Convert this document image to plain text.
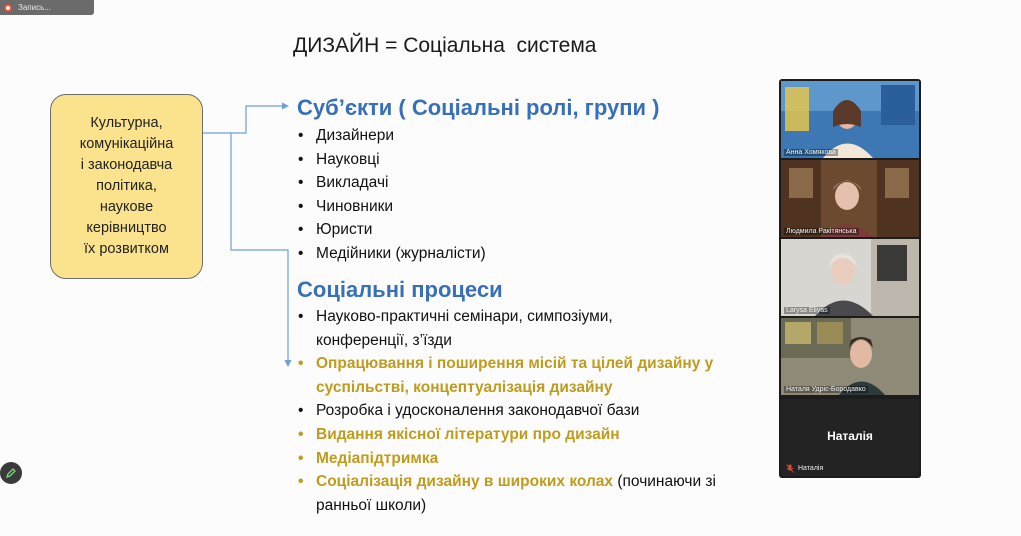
Запись...
ДИЗАЙН = Соціальна  система
Культурна,
комунікаційна
і законодавча
політика,
наукове
керівництво
їх розвитком
Суб’єкти ( Соціальні ролі, групи )
• Дизайнери
• Науковці
• Викладачі
• Чиновники
• Юристи
• Медійники (журналісти)
Соціальні процеси
• Науково-практичні семінари, симпозіуми,
конференції, з’їзди
• Опрацювання і поширення місій та цілей дизайну у
суспільстві, концептуалізація дизайну
• Розробка і удосконалення законодавчої бази
• Видання якісної літератури про дизайн
• Медіапідтримка
• Соціалізація дизайну в широких колах (починаючи зі
ранньої школи)
Анна Хомякова
Людмила Ракітянська
Larysa Eliyas
Наталя Удріс-Бородавко
Наталія
Наталія
